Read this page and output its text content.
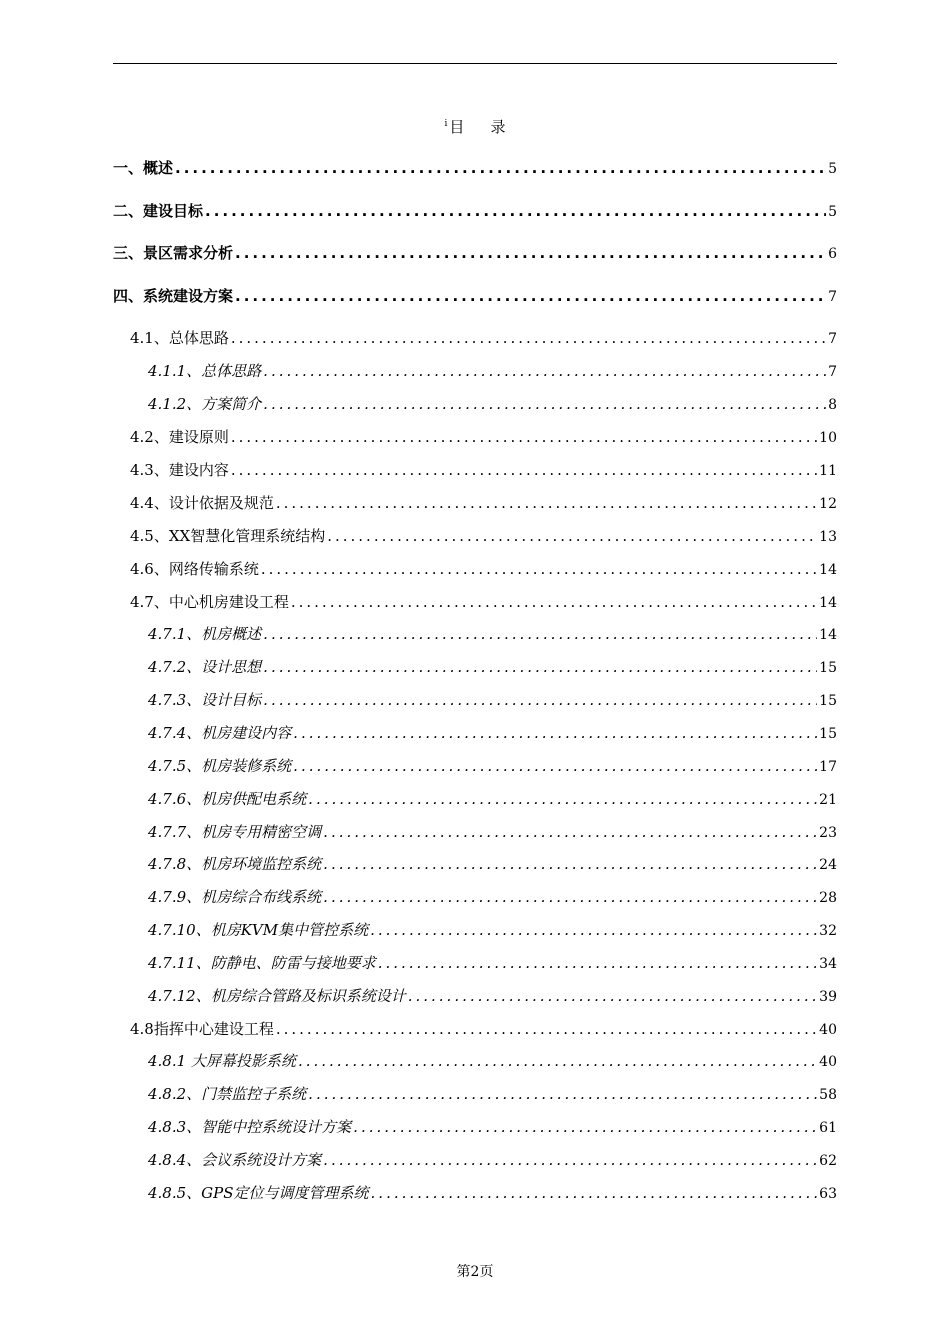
$^i$ 目 录
一、概述 .....	5
二、建设目标 .....	5
三、景区需求分析 .....	6
四、系统建设方案 .....	7
4.1、总体思路 .....	7
4.1.1、总体思路 .....	7
4.1.2、方案简介 .....	8
4.2、建设原则 .....	10
4.3、建设内容 .....	11
4.4、设计依据及规范 .....	12
4.5、XX智慧化管理系统结构 .....	13
4.6、网络传输系统 .....	14
4.7、中心机房建设工程 .....	14
4.7.1、机房概述 .....	14
4.7.2、设计思想 .....	15
4.7.3、设计目标 .....	15
4.7.4、机房建设内容 .....	15
4.7.5、机房装修系统 .....	17
4.7.6、机房供配电系统 .....	21
4.7.7、机房专用精密空调 .....	23
4.7.8、机房环境监控系统 .....	24
4.7.9、机房综合布线系统 .....	28
4.7.10、机房KVM集中管控系统 .....	32
4.7.11、防静电、防雷与接地要求 .....	34
4.7.12、机房综合管路及标识系统设计 .....	39
4.8指挥中心建设工程 .....	40
4.8.1 大屏幕投影系统 .....	40
4.8.2、门禁监控子系统 .....	58
4.8.3、智能中控系统设计方案 .....	61
4.8.4、会议系统设计方案 .....	62
4.8.5、GPS定位与调度管理系统 .....	63
第2页
